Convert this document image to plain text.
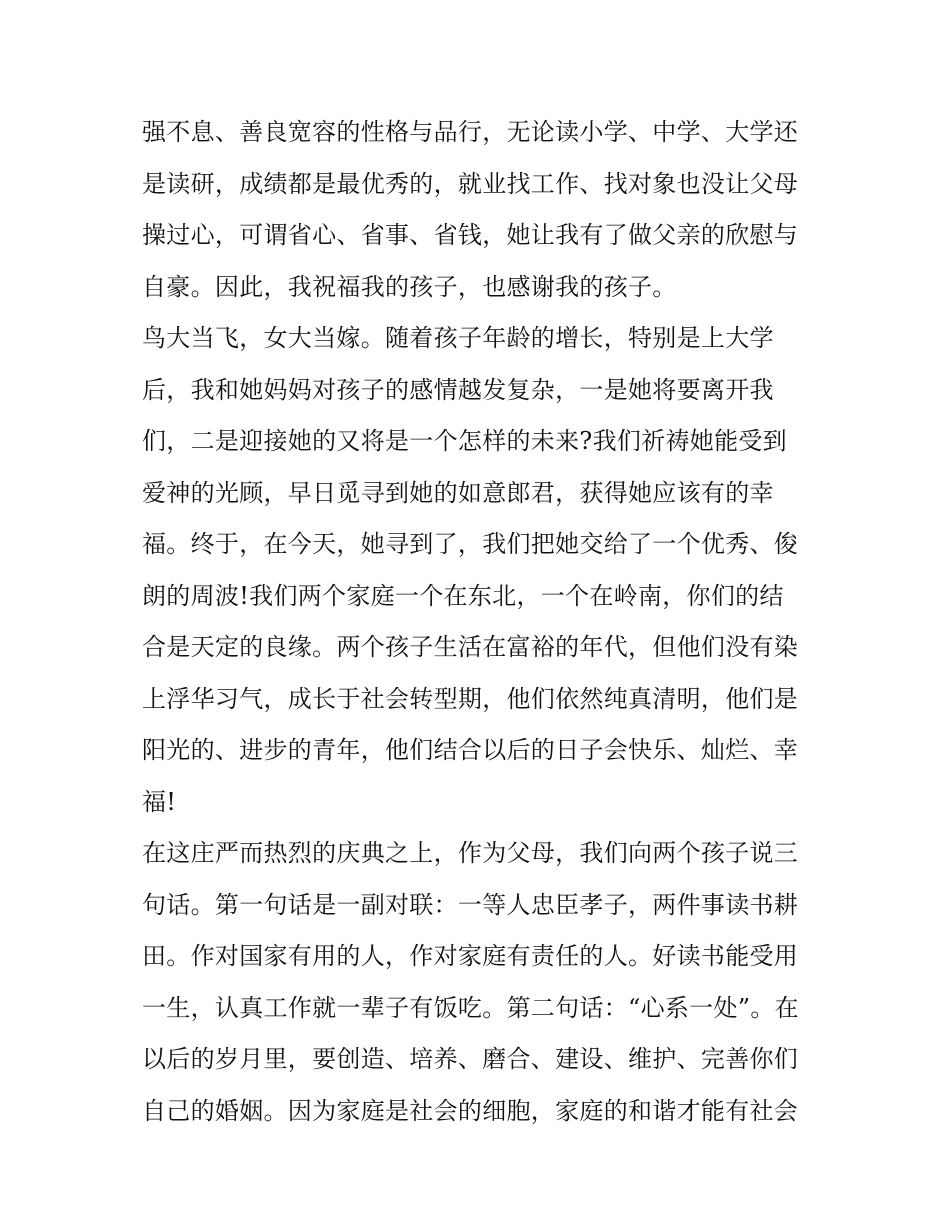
强不息、善良宽容的性格与品行，无论读小学、中学、大学还
是读研，成绩都是最优秀的，就业找工作、找对象也没让父母
操过心，可谓省心、省事、省钱，她让我有了做父亲的欣慰与
自豪。因此，我祝福我的孩子，也感谢我的孩子。
鸟大当飞，女大当嫁。随着孩子年龄的增长，特别是上大学
后，我和她妈妈对孩子的感情越发复杂，一是她将要离开我
们，二是迎接她的又将是一个怎样的未来?我们祈祷她能受到
爱神的光顾，早日觅寻到她的如意郎君，获得她应该有的幸
福。终于，在今天，她寻到了，我们把她交给了一个优秀、俊
朗的周波!我们两个家庭一个在东北，一个在岭南，你们的结
合是天定的良缘。两个孩子生活在富裕的年代，但他们没有染
上浮华习气，成长于社会转型期，他们依然纯真清明，他们是
阳光的、进步的青年，他们结合以后的日子会快乐、灿烂、幸
福!
在这庄严而热烈的庆典之上，作为父母，我们向两个孩子说三
句话。第一句话是一副对联：一等人忠臣孝子，两件事读书耕
田。作对国家有用的人，作对家庭有责任的人。好读书能受用
一生，认真工作就一辈子有饭吃。第二句话：“心系一处”。在
以后的岁月里，要创造、培养、磨合、建设、维护、完善你们
自己的婚姻。因为家庭是社会的细胞，家庭的和谐才能有社会
